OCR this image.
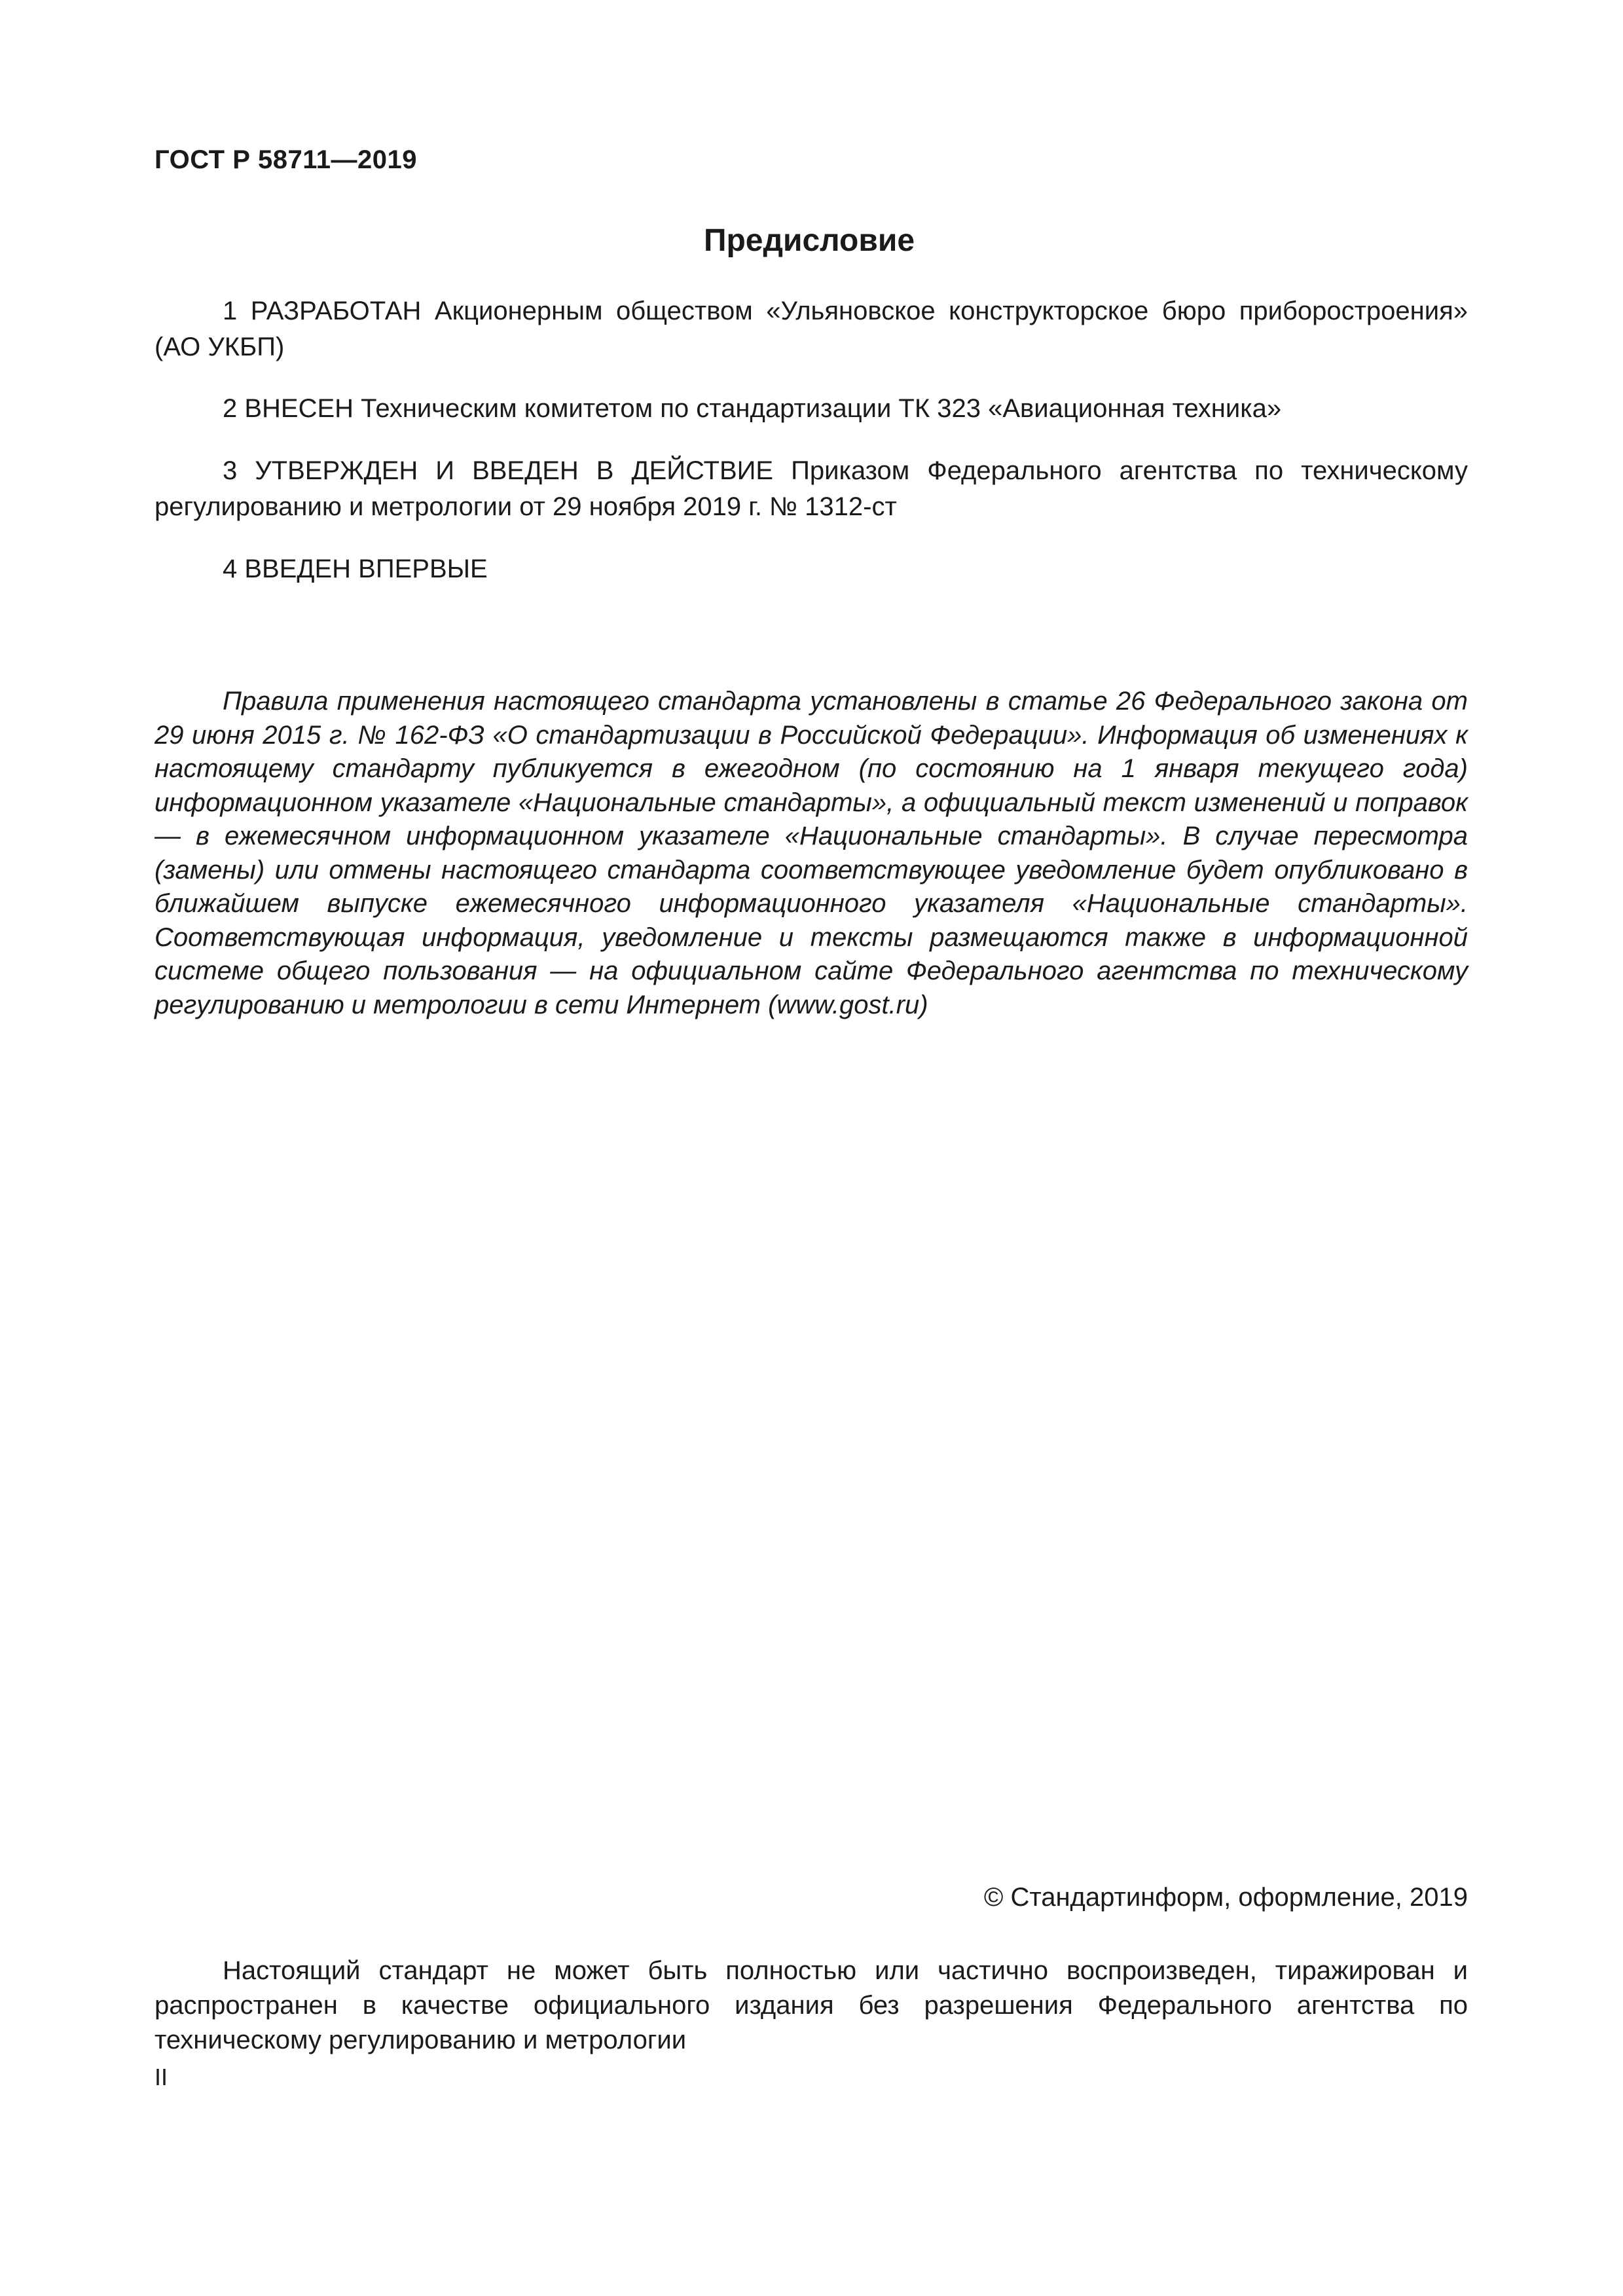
ГОСТ Р 58711—2019
Предисловие

1 РАЗРАБОТАН Акционерным обществом «Ульяновское конструкторское бюро приборостроения» (АО УКБП)

2 ВНЕСЕН Техническим комитетом по стандартизации ТК 323 «Авиационная техника»

3 УТВЕРЖДЕН И ВВЕДЕН В ДЕЙСТВИЕ Приказом Федерального агентства по техническому регулированию и метрологии от 29 ноября 2019 г. № 1312-ст

4 ВВЕДЕН ВПЕРВЫЕ

Правила применения настоящего стандарта установлены в статье 26 Федерального закона от 29 июня 2015 г. № 162-ФЗ «О стандартизации в Российской Федерации». Информация об изменениях к настоящему стандарту публикуется в ежегодном (по состоянию на 1 января текущего года) информационном указателе «Национальные стандарты», а официальный текст изменений и поправок — в ежемесячном информационном указателе «Национальные стандарты». В случае пересмотра (замены) или отмены настоящего стандарта соответствующее уведомление будет опубликовано в ближайшем выпуске ежемесячного информационного указателя «Национальные стандарты». Соответствующая информация, уведомление и тексты размещаются также в информационной системе общего пользования — на официальном сайте Федерального агентства по техническому регулированию и метрологии в сети Интернет (www.gost.ru)

© Стандартинформ, оформление, 2019

Настоящий стандарт не может быть полностью или частично воспроизведен, тиражирован и распространен в качестве официального издания без разрешения Федерального агентства по техническому регулированию и метрологии

II
